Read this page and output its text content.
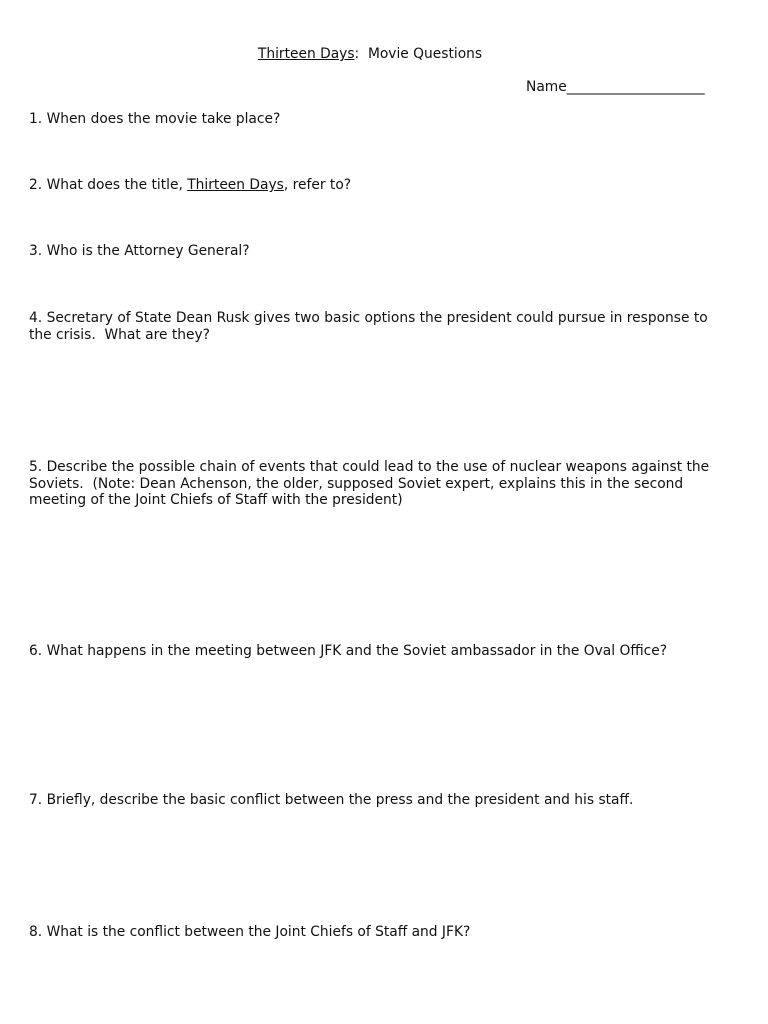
Thirteen Days:  Movie Questions
Name____________________

1. When does the movie take place?

2. What does the title, Thirteen Days, refer to?

3. Who is the Attorney General?

4. Secretary of State Dean Rusk gives two basic options the president could pursue in response to the crisis.  What are they?

5. Describe the possible chain of events that could lead to the use of nuclear weapons against the Soviets.  (Note: Dean Achenson, the older, supposed Soviet expert, explains this in the second meeting of the Joint Chiefs of Staff with the president)

6. What happens in the meeting between JFK and the Soviet ambassador in the Oval Office?

7. Briefly, describe the basic conflict between the press and the president and his staff.

8. What is the conflict between the Joint Chiefs of Staff and JFK?
